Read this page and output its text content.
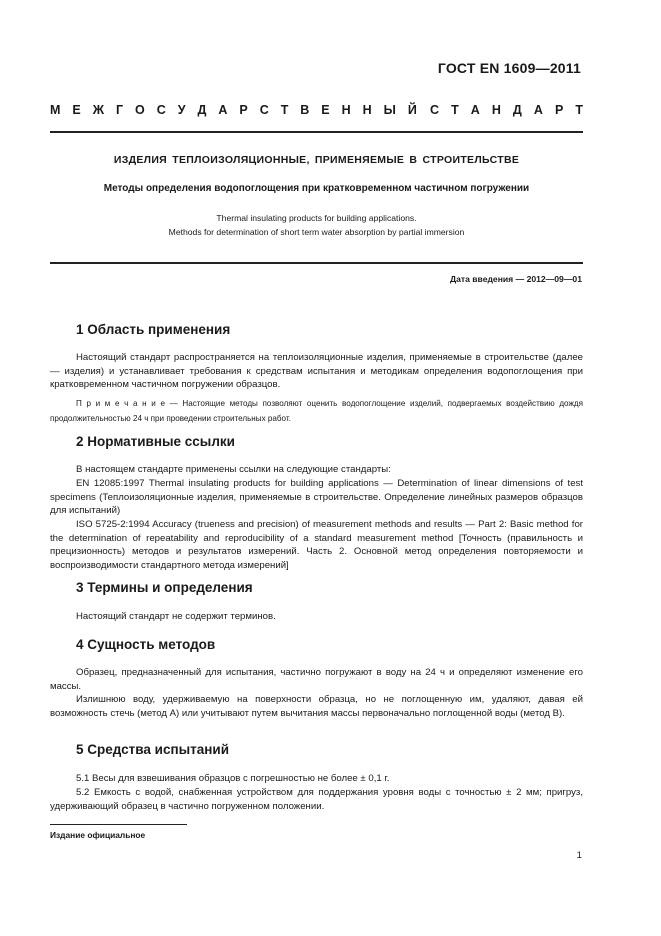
ГОСТ EN 1609—2011
М Е Ж Г О С У Д А Р С Т В Е Н Н Ы Й С Т А Н Д А Р Т
ИЗДЕЛИЯ ТЕПЛОИЗОЛЯЦИОННЫЕ, ПРИМЕНЯЕМЫЕ В СТРОИТЕЛЬСТВЕ
Методы определения водопоглощения при кратковременном частичном погружении
Thermal insulating products for building applications.
Methods for determination of short term water absorption by partial immersion
Дата введения — 2012—09—01
1 Область применения
Настоящий стандарт распространяется на теплоизоляционные изделия, применяемые в строительстве (далее — изделия) и устанавливает требования к средствам испытания и методикам определения водопоглощения при кратковременном частичном погружении образцов.
П р и м е ч а н и е — Настоящие методы позволяют оценить водопоглощение изделий, подвергаемых воздействию дождя продолжительностью 24 ч при проведении строительных работ.
2 Нормативные ссылки
В настоящем стандарте применены ссылки на следующие стандарты:
EN 12085:1997 Thermal insulating products for building applications — Determination of linear dimensions of test specimens (Теплоизоляционные изделия, применяемые в строительстве. Определение линейных размеров образцов для испытаний)
ISO 5725-2:1994 Accuracy (trueness and precision) of measurement methods and results — Part 2: Basic method for the determination of repeatability and reproducibility of a standard measurement method [Точность (правильность и прецизионность) методов и результатов измерений. Часть 2. Основной метод определения повторяемости и воспроизводимости стандартного метода измерений]
3 Термины и определения
Настоящий стандарт не содержит терминов.
4 Сущность методов
Образец, предназначенный для испытания, частично погружают в воду на 24 ч и определяют изменение его массы.
Излишнюю воду, удерживаемую на поверхности образца, но не поглощенную им, удаляют, давая ей возможность стечь (метод А) или учитывают путем вычитания массы первоначально поглощенной воды (метод В).
5 Средства испытаний
5.1 Весы для взвешивания образцов с погрешностью не более ± 0,1 г.
5.2 Емкость с водой, снабженная устройством для поддержания уровня воды с точностью ± 2 мм; пригруз, удерживающий образец в частично погруженном положении.
Издание официальное
1
